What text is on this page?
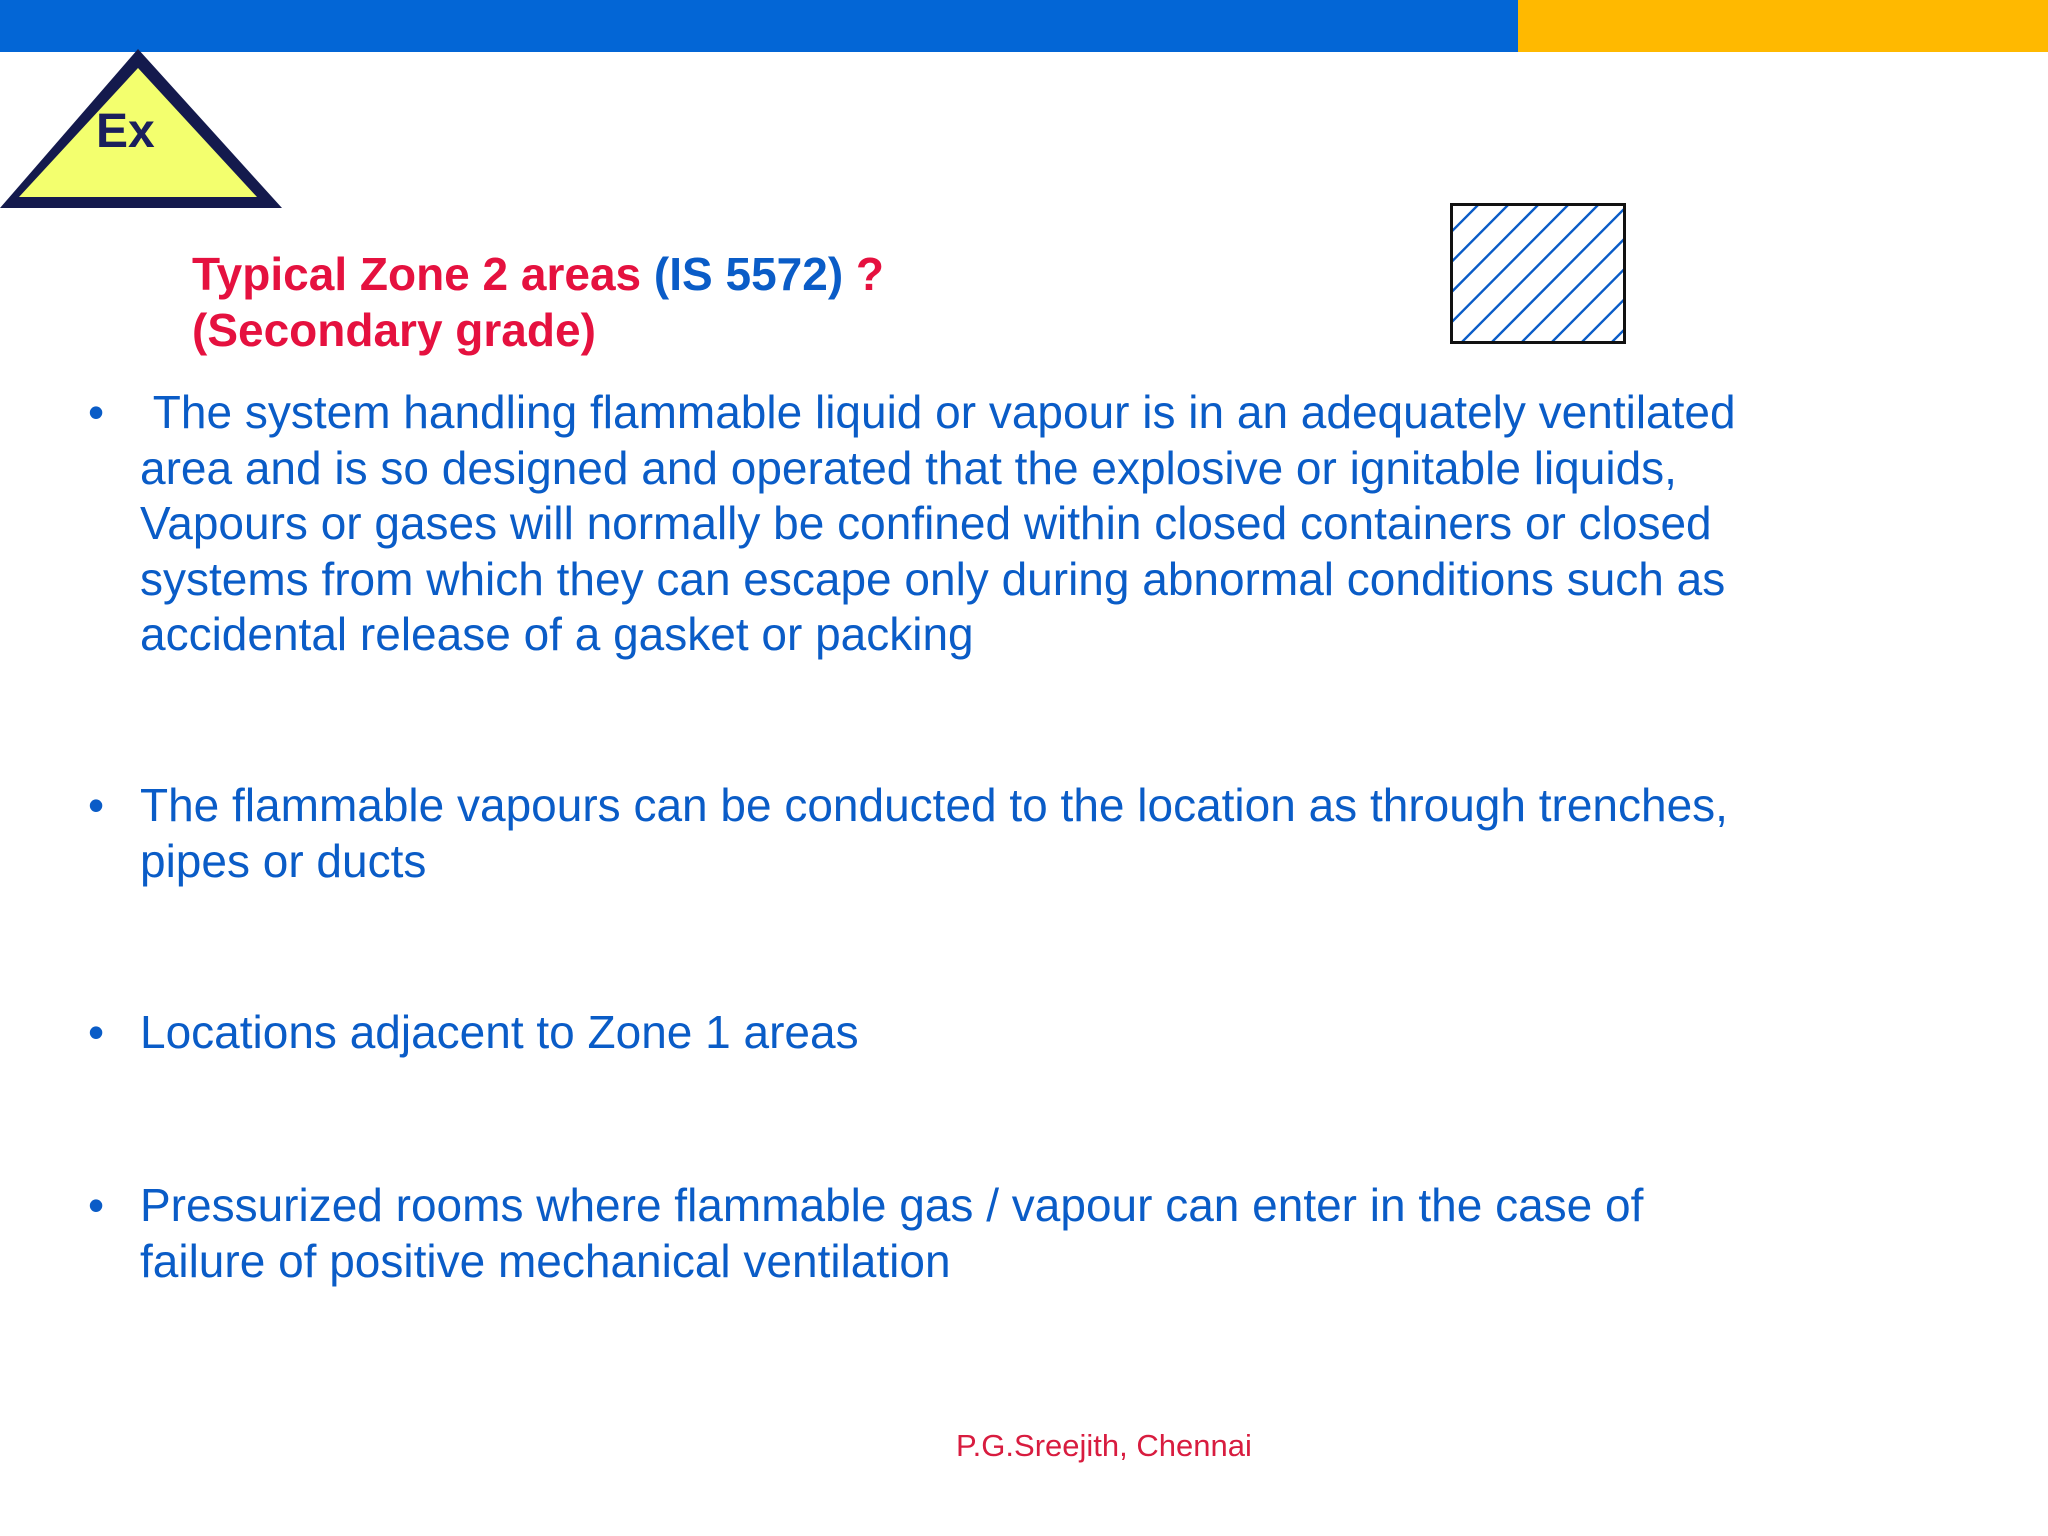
Ex
Typical Zone 2 areas (IS 5572) ?
(Secondary grade)
•	The system handling flammable liquid or vapour is in an adequately ventilated
area and is so designed and operated that the explosive or ignitable liquids,
Vapours or gases will normally be confined within closed containers or closed
systems from which they can escape only during abnormal conditions such as
accidental release of a gasket or packing
• The flammable vapours can be conducted to the location as through trenches,
pipes or ducts
• Locations adjacent to Zone 1 areas
• Pressurized rooms where flammable gas / vapour can enter in the case of
failure of positive mechanical ventilation
P.G.Sreejith, Chennai
